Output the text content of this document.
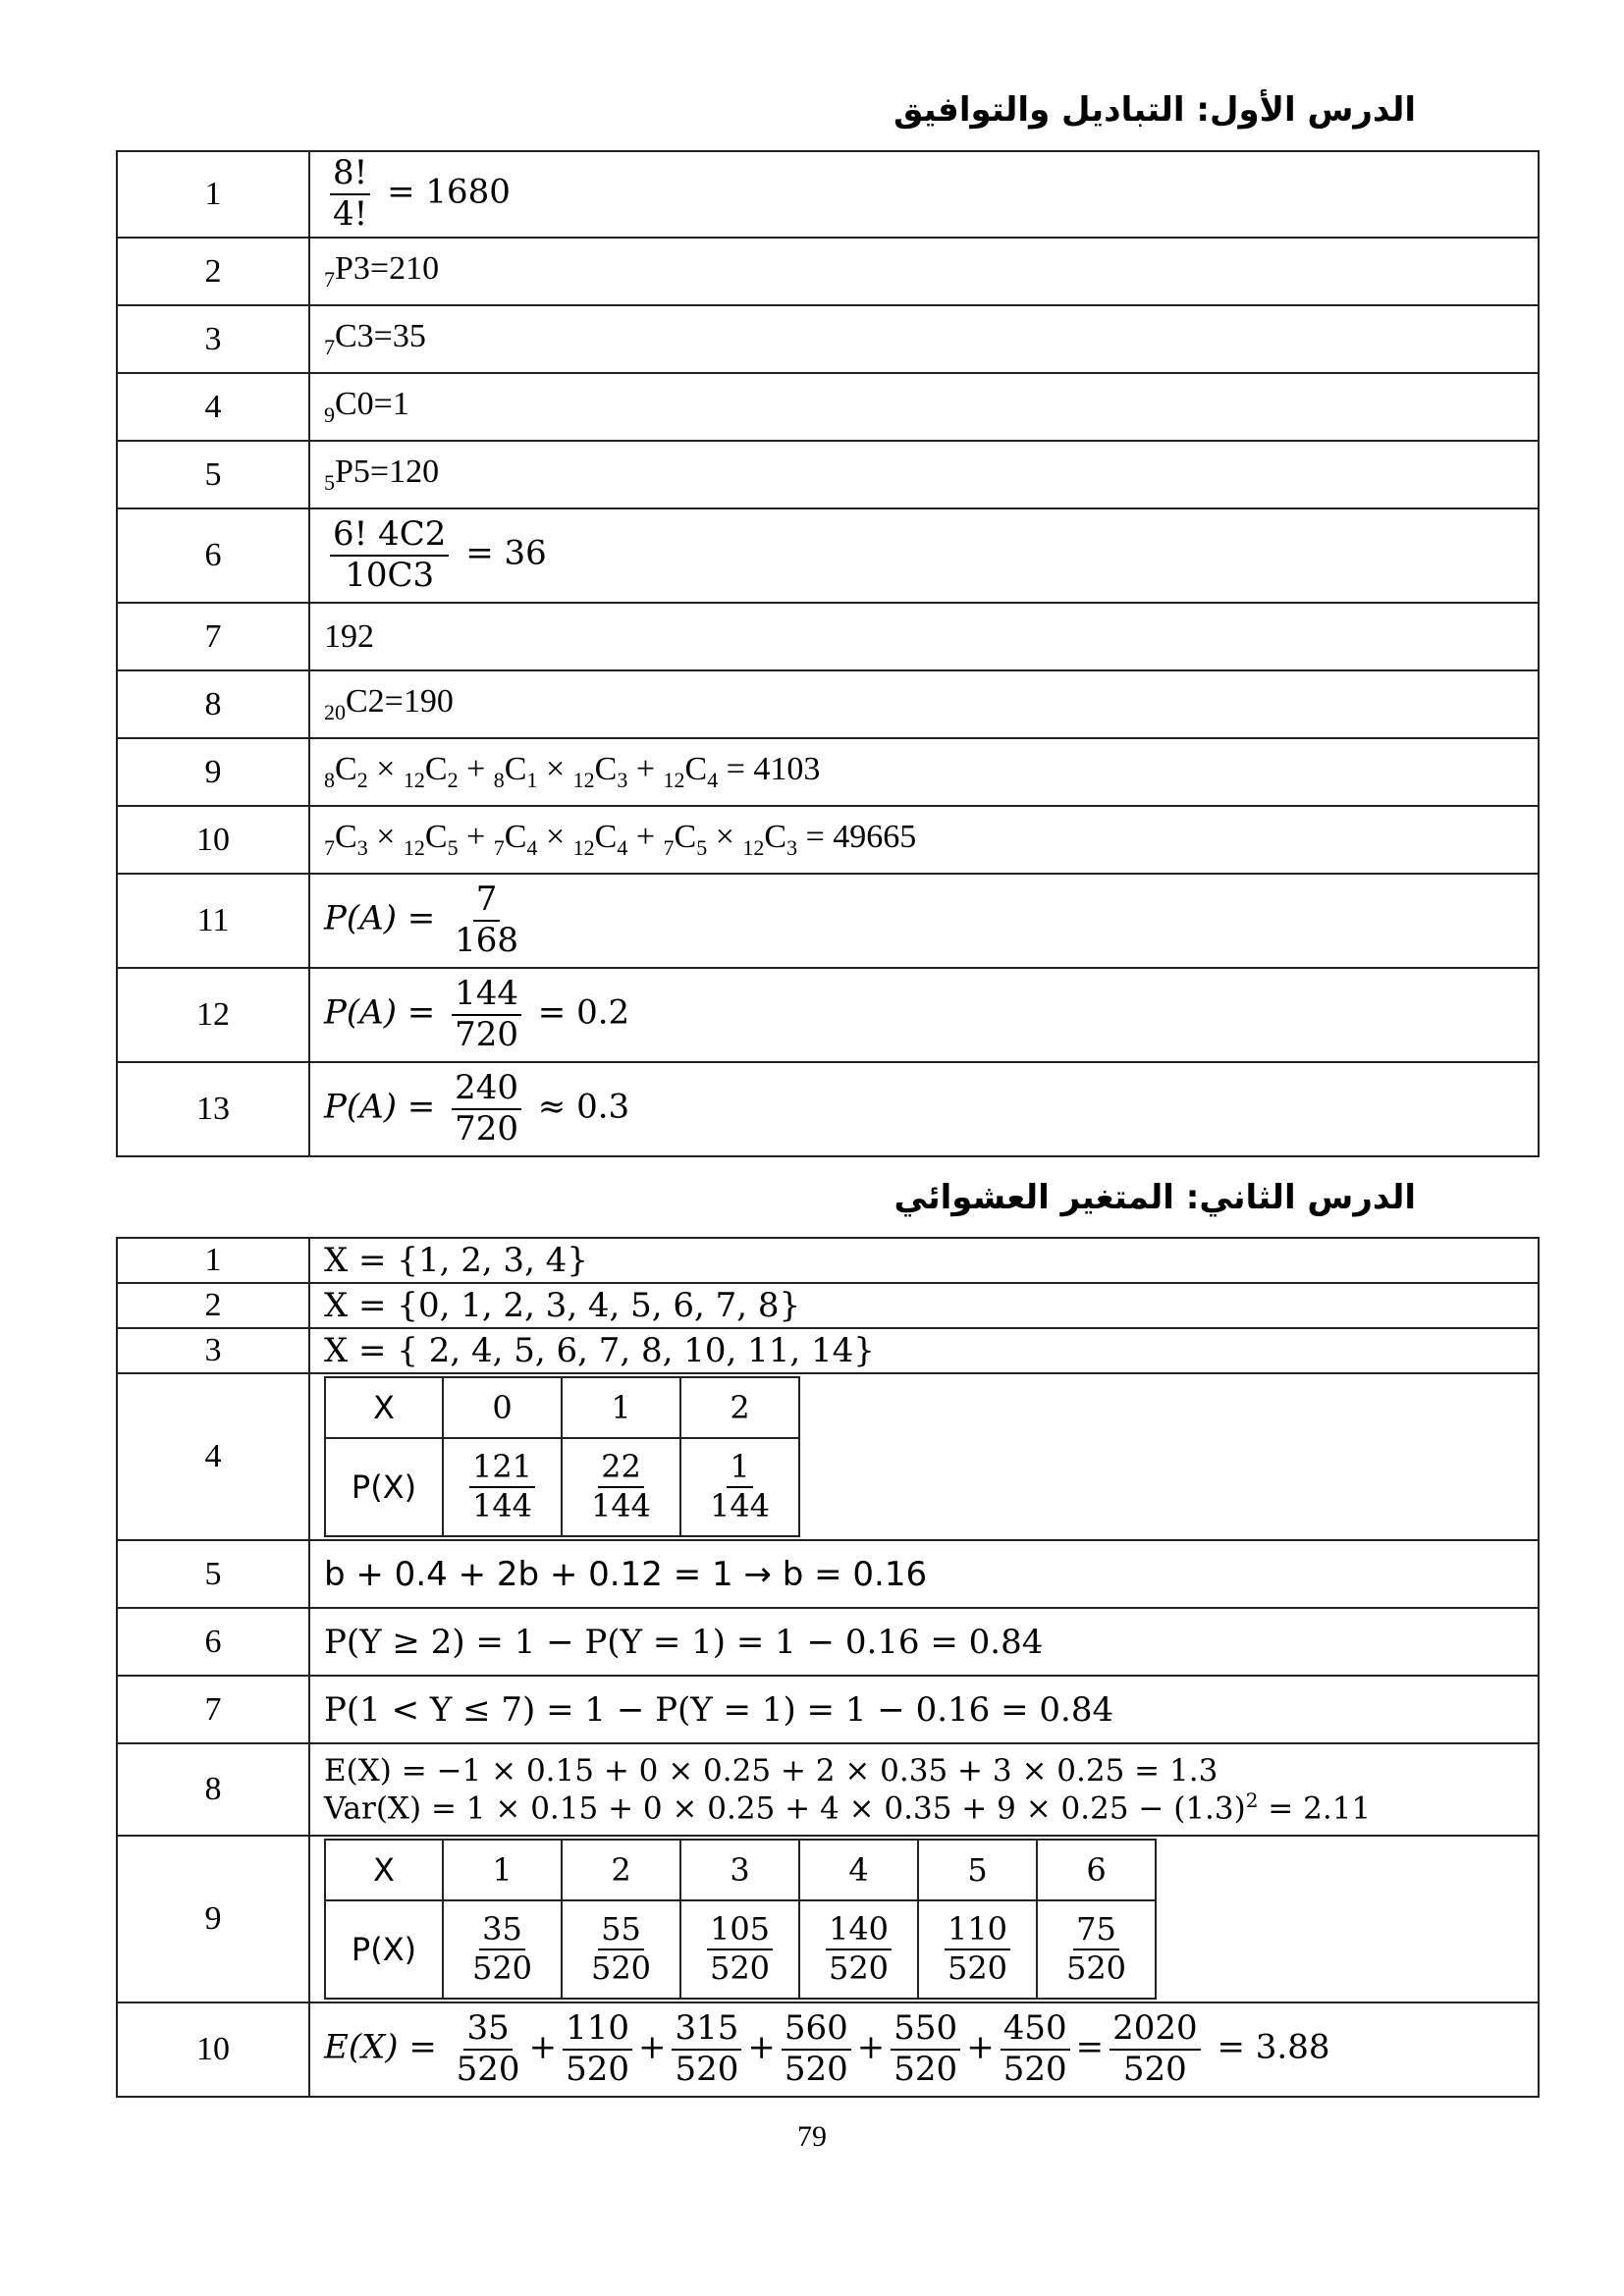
الدرس الأول: التباديل والتوافيق
1	$\frac{8!}{4!} = 1680$
2	$_7$P3=210
3	$_7$C3=35
4	$_9$C0=1
5	$_5$P5=120
6	$\frac{6! 4C2}{10C3} = 36$
7	192
8	$_{20}$C2=190
9	$_8C_2 \times _{12}C_2 + _8C_1 \times _{12}C_3 + _{12}C_4 = 4103$
10	$_7C_3 \times _{12}C_5 + _7C_4 \times _{12}C_4 + _7C_5 \times _{12}C_3 = 49665$
11	$P(A) = \frac{7}{168}$

12	$P(A) = \frac{144}{720} = 0.2$
13	$P(A) = \frac{240}{720} \approx 0.3$
الدرس الثاني: المتغير العشوائي
1	X = {1, 2, 3, 4}
2	X = {0, 1, 2, 3, 4, 5, 6, 7, 8}
3	X = { 2, 4, 5, 6, 7, 8, 10, 11, 14}
4	
X	0	1	2
P(X)	$\frac{121}{144}$	$\frac{22}{144}$	$\frac{1}{144}$

5	b + 0.4 + 2b + 0.12 = 1 → b = 0.16
6	P(Y ≥ 2) = 1 − P(Y = 1) = 1 − 0.16 = 0.84
7	P(1 < Y ≤ 7) = 1 − P(Y = 1) = 1 − 0.16 = 0.84
8	
E(X) = −1 × 0.15 + 0 × 0.25 + 2 × 0.35 + 3 × 0.25 = 1.3
$Var(X) = 1 \times 0.15 + 0 \times 0.25 + 4 \times 0.35 + 9 \times 0.25 - (1.3)^2 = 2.11$

9	
X	1	2	3	4	5	6
P(X)	$\frac{35}{520}$	$\frac{55}{520}$	$\frac{105}{520}$	$\frac{140}{520}$	$\frac{110}{520}$	$\frac{75}{520}$

10	$E(X) = \frac{35}{520} + \frac{110}{520} + \frac{315}{520} + \frac{560}{520} + \frac{550}{520} + \frac{450}{520} = \frac{2020}{520} = 3.88$
79
